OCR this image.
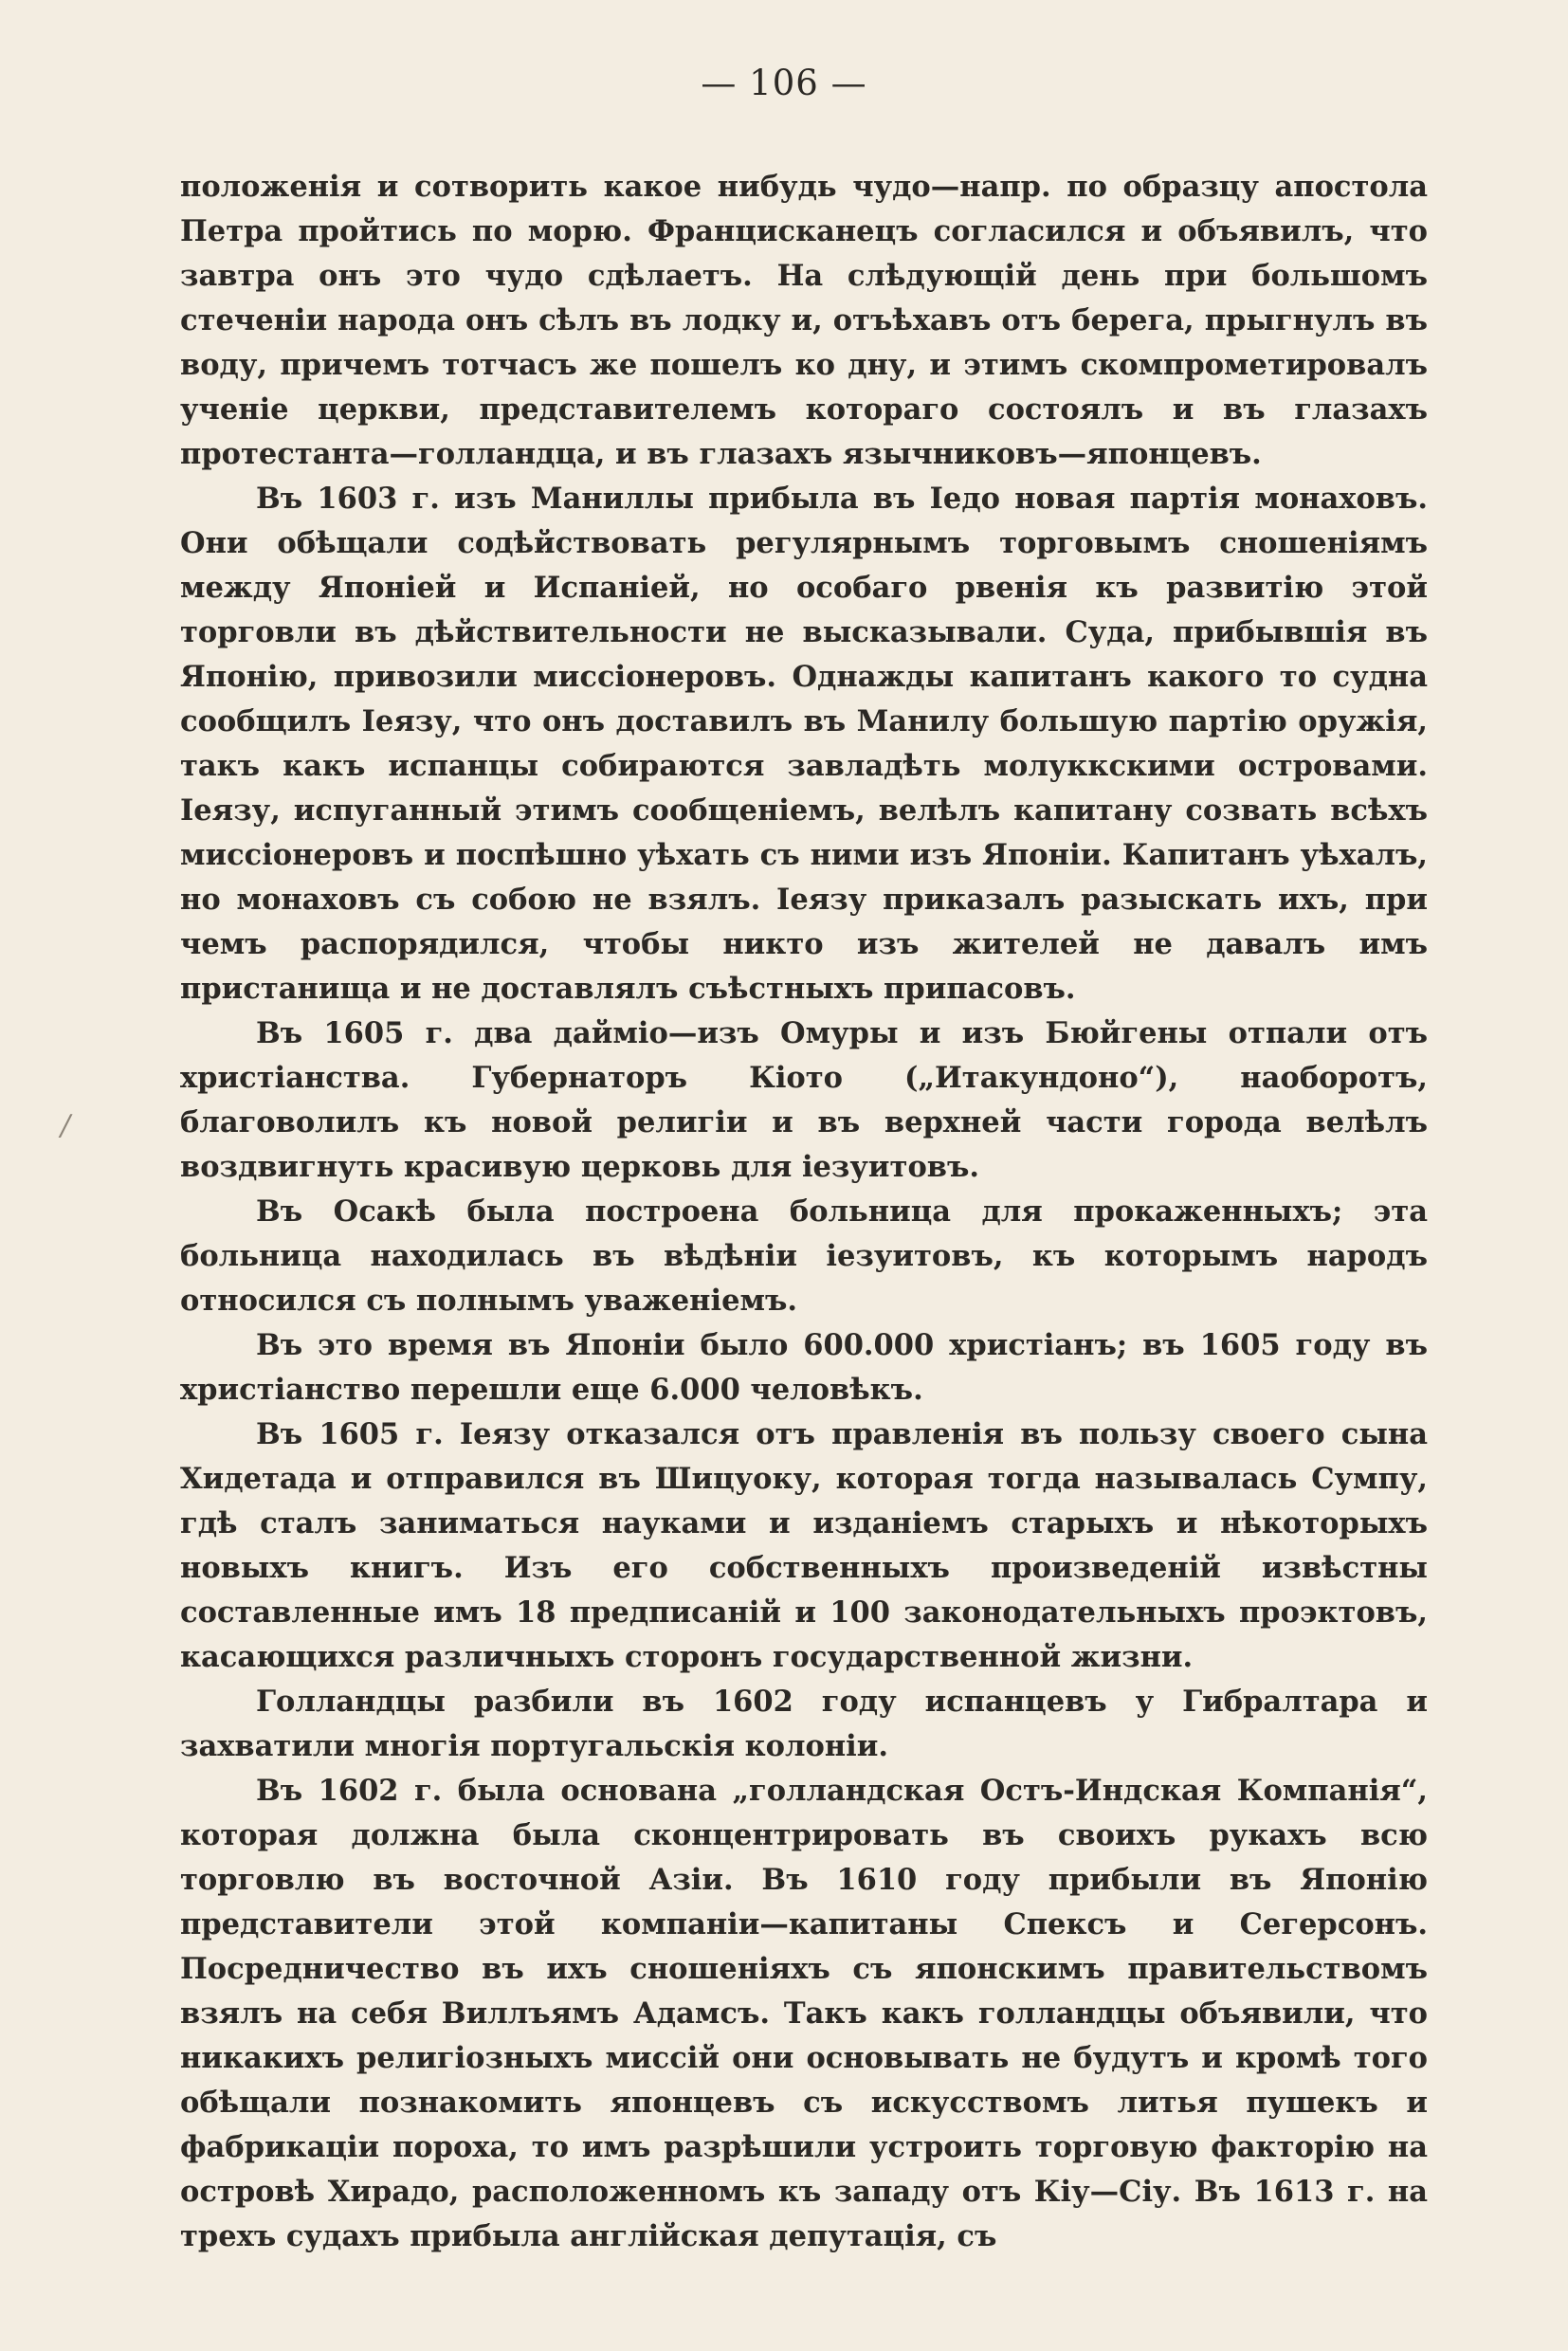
— 106 —
/

положенія и сотворить какое нибудь чудо—напр. по образцу апостола Петра пройтись по морю. Францисканецъ согласился и объявилъ, что завтра онъ это чудо сдѣлаетъ. На слѣдующій день при большомъ стеченіи народа онъ сѣлъ въ лодку и, отъѣхавъ отъ берега, прыгнулъ въ воду, причемъ тотчасъ же пошелъ ко дну, и этимъ скомпрометировалъ ученіе церкви, представителемъ котораго состоялъ и въ глазахъ протестанта—голландца, и въ глазахъ язычниковъ—японцевъ.

Въ 1603 г. изъ Маниллы прибыла въ Іедо новая партія монаховъ. Они обѣщали содѣйствовать регулярнымъ торговымъ сношеніямъ между Японіей и Испаніей, но особаго рвенія къ развитію этой торговли въ дѣйствительности не высказывали. Суда, прибывшія въ Японію, привозили миссіонеровъ. Однажды капитанъ какого то судна сообщилъ Іеязу, что онъ доставилъ въ Манилу большую партію оружія, такъ какъ испанцы собираются завладѣть молуккскими островами. Іеязу, испуганный этимъ сообщеніемъ, велѣлъ капитану созвать всѣхъ миссіонеровъ и поспѣшно уѣхать съ ними изъ Японіи. Капитанъ уѣхалъ, но монаховъ съ собою не взялъ. Іеязу приказалъ разыскать ихъ, при чемъ распорядился, чтобы никто изъ жителей не давалъ имъ пристанища и не доставлялъ съѣстныхъ припасовъ.

Въ 1605 г. два дайміо—изъ Омуры и изъ Бюйгены отпали отъ христіанства. Губернаторъ Кіото („Итакундоно“), наоборотъ, благоволилъ къ новой религіи и въ верхней части города велѣлъ воздвигнуть красивую церковь для іезуитовъ.

Въ Осакѣ была построена больница для прокаженныхъ; эта больница находилась въ вѣдѣніи іезуитовъ, къ которымъ народъ относился съ полнымъ уваженіемъ.

Въ это время въ Японіи было 600.000 христіанъ; въ 1605 году въ христіанство перешли еще 6.000 человѣкъ.

Въ 1605 г. Іеязу отказался отъ правленія въ пользу своего сына Хидетада и отправился въ Шицуоку, которая тогда называлась Сумпу, гдѣ сталъ заниматься науками и изданіемъ старыхъ и нѣкоторыхъ новыхъ книгъ. Изъ его собственныхъ произведеній извѣстны составленные имъ 18 предписаній и 100 законодательныхъ проэктовъ, касающихся различныхъ сторонъ государственной жизни.

Голландцы разбили въ 1602 году испанцевъ у Гибралтара и захватили многія португальскія колоніи.

Въ 1602 г. была основана „голландская Остъ-Индская Компанія“, которая должна была сконцентрировать въ своихъ рукахъ всю торговлю въ восточной Азіи. Въ 1610 году прибыли въ Японію представители этой компаніи—капитаны Спексъ и Сегерсонъ. Посредничество въ ихъ сношеніяхъ съ японскимъ правительствомъ взялъ на себя Виллъямъ Адамсъ. Такъ какъ голландцы объявили, что никакихъ религіозныхъ миссій они основывать не будутъ и кромѣ того обѣщали познакомить японцевъ съ искусствомъ литья пушекъ и фабрикаціи пороха, то имъ разрѣшили устроить торговую факторію на островѣ Хирадо, расположенномъ къ западу отъ Кіу—Сіу. Въ 1613 г. на трехъ судахъ прибыла англійская депутація, съ
